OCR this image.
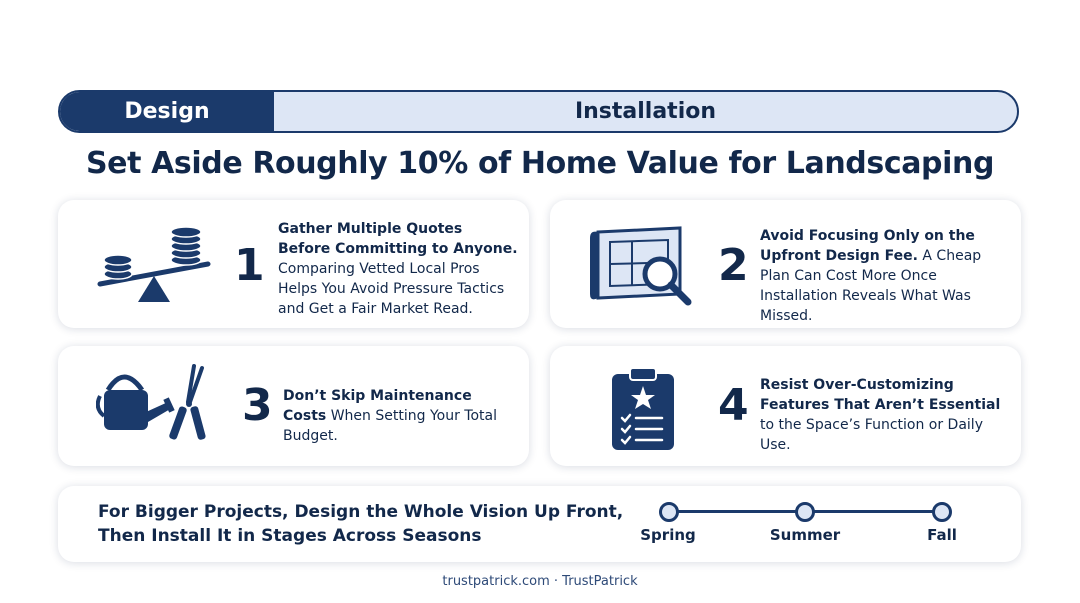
Design	Installation
Set Aside Roughly 10% of Home Value for Landscaping
1
Gather Multiple Quotes Before Committing to Anyone. Comparing Vetted Local Pros Helps You Avoid Pressure Tactics and Get a Fair Market Read.
2
Avoid Focusing Only on the Upfront Design Fee. A Cheap Plan Can Cost More Once Installation Reveals What Was Missed.
3 Don’t Skip Maintenance Costs When Setting Your Total Budget.
4 Resist Over-Customizing Features That Aren’t Essential to the Space’s Function or Daily Use.
For Bigger Projects, Design the Whole Vision Up Front,
Then Install It in Stages Across Seasons	Spring	Summer	Fall
trustpatrick.com · TrustPatrick
